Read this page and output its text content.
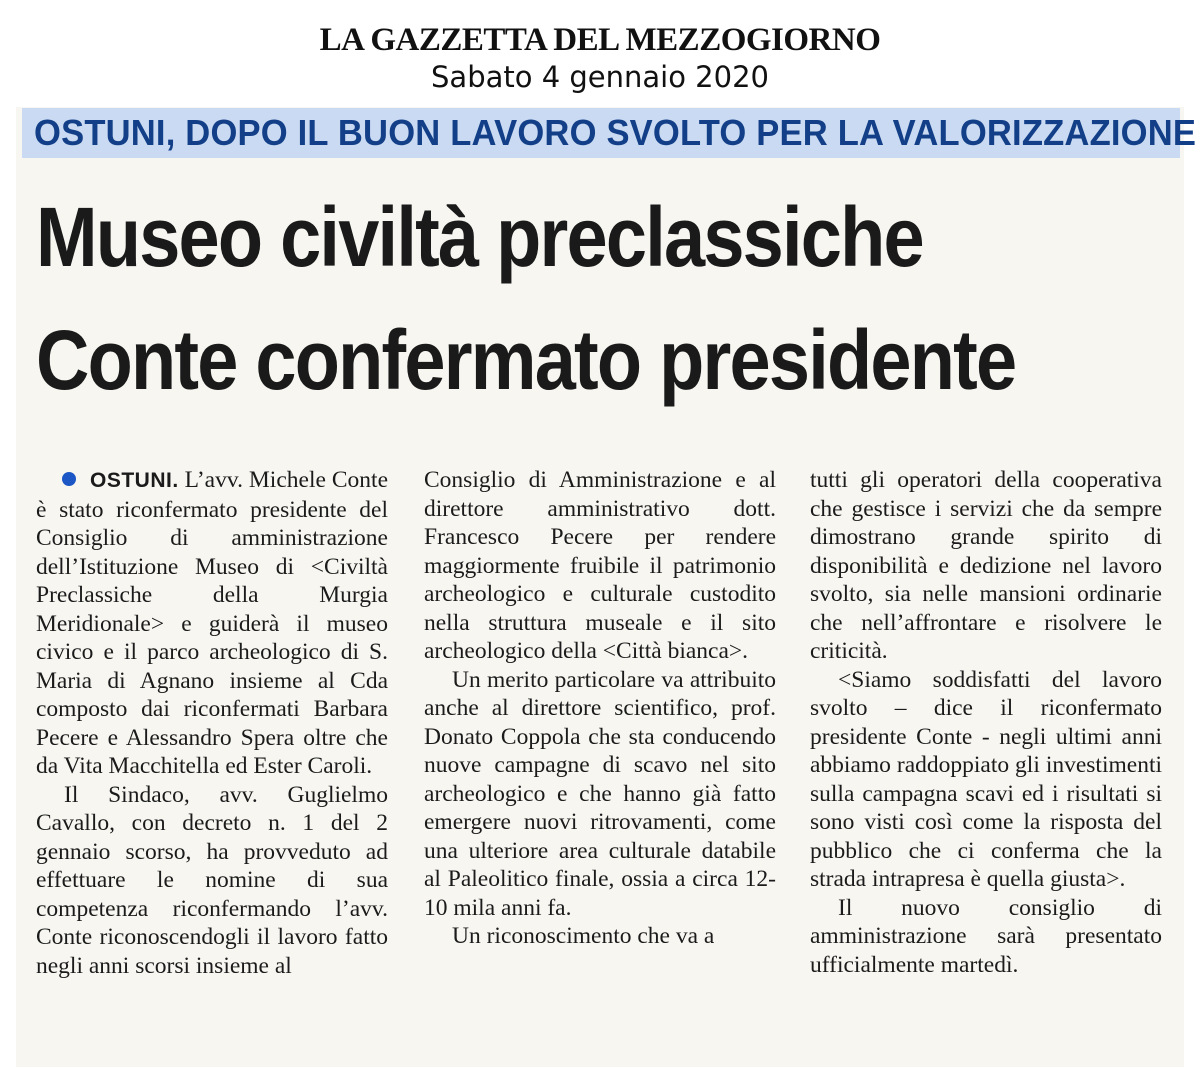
LA GAZZETTA DEL MEZZOGIORNO
Sabato 4 gennaio 2020
OSTUNI, DOPO IL BUON LAVORO SVOLTO PER LA VALORIZZAZIONE
Museo civiltà preclassiche
Conte confermato presidente

OSTUNI. L’avv. Michele Conte è stato riconfermato presidente del Consiglio di amministrazione dell’Istituzione Museo di <Civiltà Preclassiche della Murgia Meridionale> e guiderà il museo civico e il parco archeologico di S. Maria di Agnano insieme al Cda composto dai riconfermati Barbara Pecere e Alessandro Spera oltre che da Vita Macchitella ed Ester Caroli.

Il Sindaco, avv. Guglielmo Cavallo, con decreto n. 1 del 2 gennaio scorso, ha provveduto ad effettuare le nomine di sua competenza riconfermando l’avv. Conte riconoscendogli il lavoro fatto negli anni scorsi insieme al

Consiglio di Amministrazione e al direttore amministrativo dott. Francesco Pecere per rendere maggiormente fruibile il patrimonio archeologico e culturale custodito nella struttura museale e il sito archeologico della <Città bianca>.

Un merito particolare va attribuito anche al direttore scientifico, prof. Donato Coppola che sta conducendo nuove campagne di scavo nel sito archeologico e che hanno già fatto emergere nuovi ritrovamenti, come una ulteriore area culturale databile al Paleolitico finale, ossia a circa 12-10 mila anni fa.

Un riconoscimento che va a

tutti gli operatori della cooperativa che gestisce i servizi che da sempre dimostrano grande spirito di disponibilità e dedizione nel lavoro svolto, sia nelle mansioni ordinarie che nell’affrontare e risolvere le criticità.

<Siamo soddisfatti del lavoro svolto – dice il riconfermato presidente Conte - negli ultimi anni abbiamo raddoppiato gli investimenti sulla campagna scavi ed i risultati si sono visti così come la risposta del pubblico che ci conferma che la strada intrapresa è quella giusta>.

Il nuovo consiglio di amministrazione sarà presentato ufficialmente martedì.
